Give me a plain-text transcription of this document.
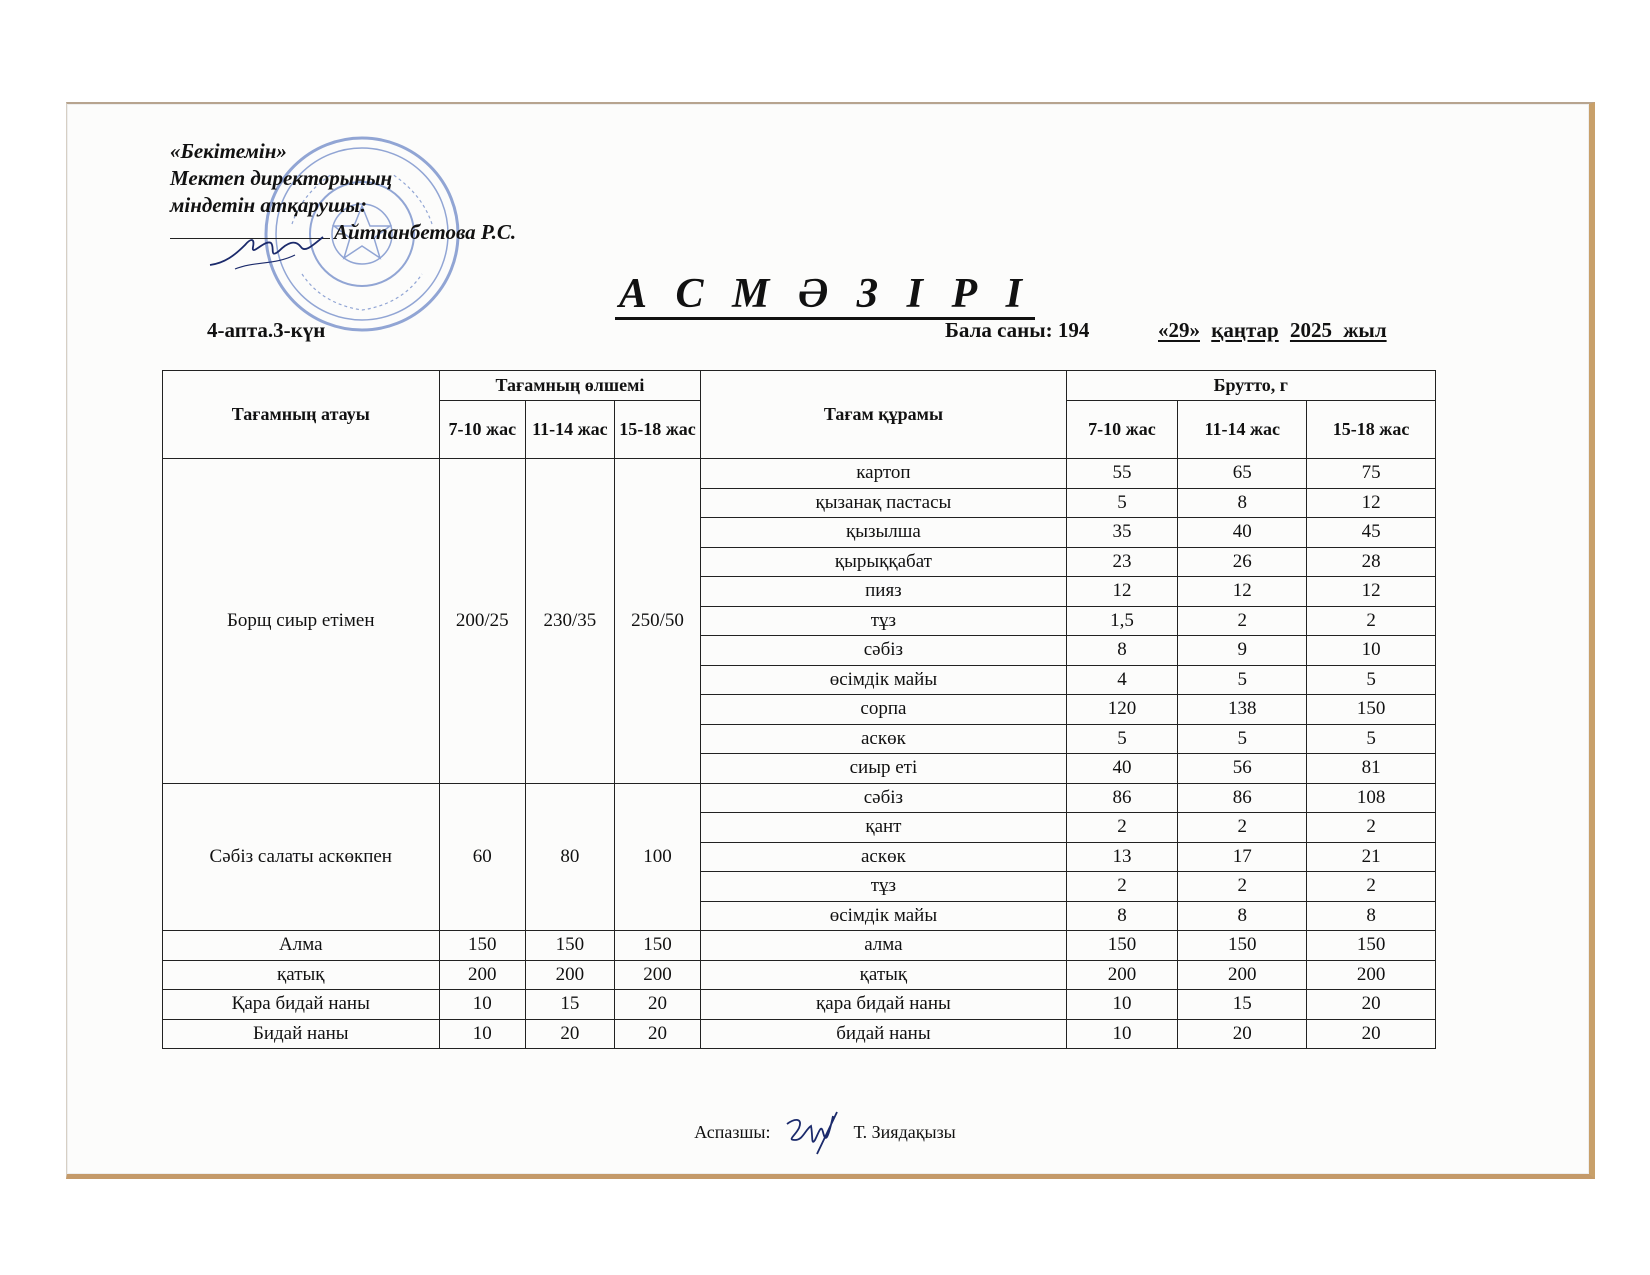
«Бекітемін»
Мектеп директорының
міндетін атқарушы:
Айтпанбетова Р.С.
А С М Ә З І Р І
4-апта.3-күн	Бала саны: 194	«29» қаңтар 2025 жыл
Тағамның атауы	Тағамның өлшемі			Тағам құрамы	Брутто, г		
	7-10 жас	11-14 жас	15-18 жас		7-10 жас	11-14 жас	15-18 жас
Борщ сиыр етімен	200/25	230/35	250/50	картоп	55	65	75
				қызанақ пастасы	5	8	12
				қызылша	35	40	45
				қырыққабат	23	26	28
				пияз	12	12	12
				тұз	1,5	2	2
				сәбіз	8	9	10
				өсімдік майы	4	5	5
				сорпа	120	138	150
				аскөк	5	5	5
				сиыр еті	40	56	81
Сәбіз салаты аскөкпен	60	80	100	сәбіз	86	86	108
				қант	2	2	2
				аскөк	13	17	21
				тұз	2	2	2
				өсімдік майы	8	8	8
Алма	150	150	150	алма	150	150	150
қатық	200	200	200	қатық	200	200	200
Қара бидай наны	10	15	20	қара бидай наны	10	15	20
Бидай наны	10	20	20	бидай наны	10	20	20
Аспазшы:	Т. Зиядақызы
